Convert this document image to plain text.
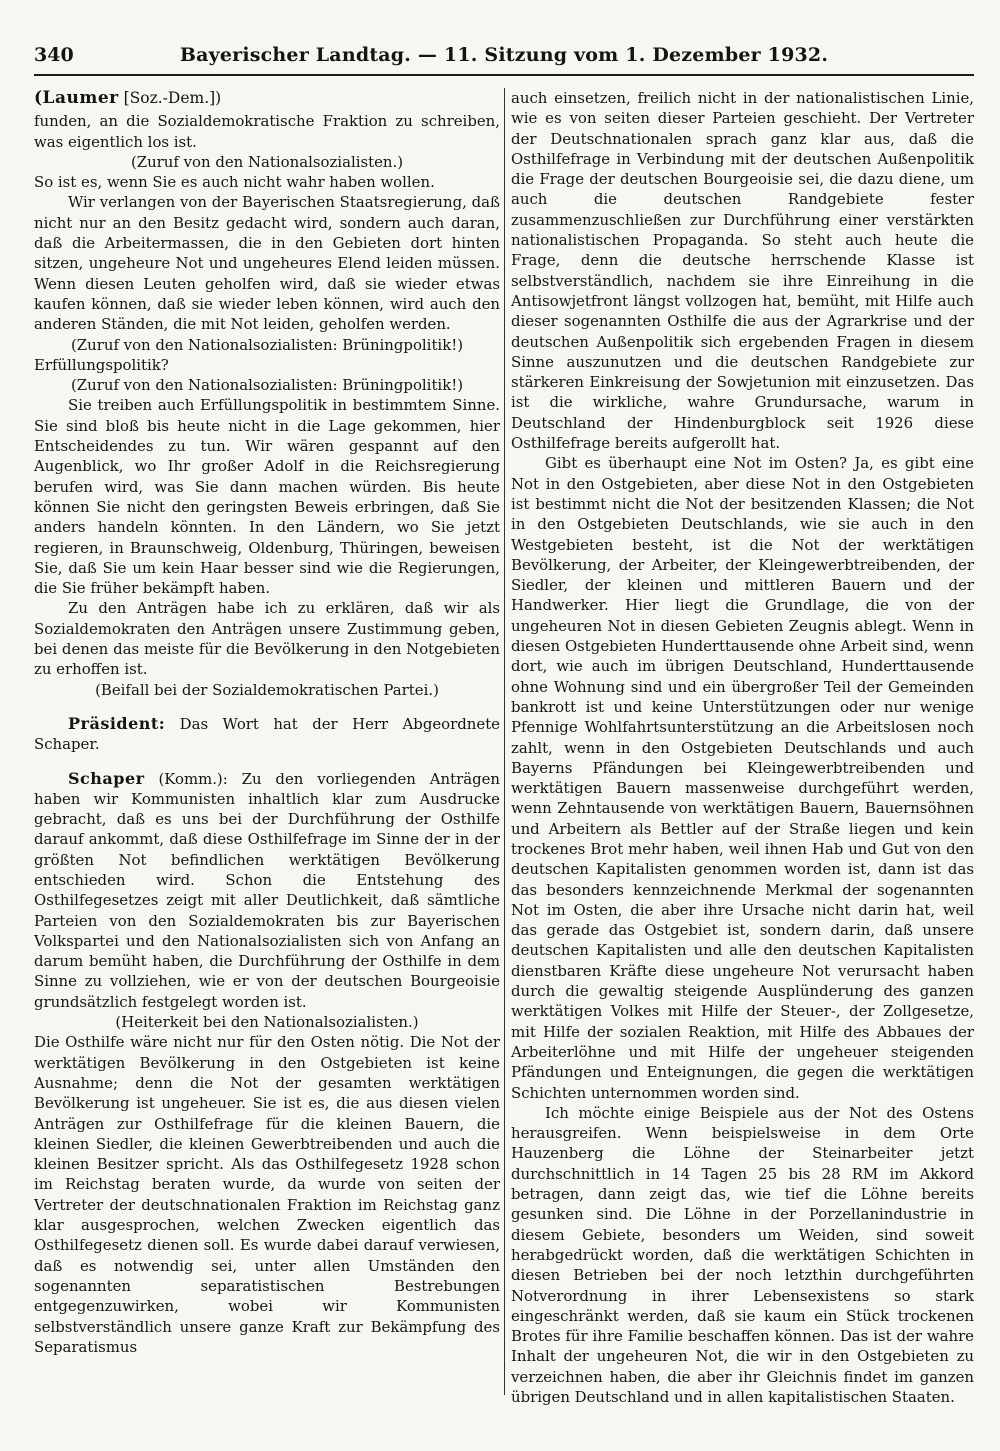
340	Bayerischer Landtag. — 11. Sitzung vom 1. Dezember 1932.

(Laumer [Soz.-Dem.])

funden, an die Sozialdemokratische Fraktion zu schreiben, was eigentlich los ist.

(Zuruf von den Nationalsozialisten.)

So ist es, wenn Sie es auch nicht wahr haben wollen.

Wir verlangen von der Bayerischen Staatsregierung, daß nicht nur an den Besitz gedacht wird, sondern auch daran, daß die Arbeitermassen, die in den Gebieten dort hinten sitzen, ungeheure Not und ungeheures Elend leiden müssen. Wenn diesen Leuten geholfen wird, daß sie wieder etwas kaufen können, daß sie wieder leben können, wird auch den anderen Ständen, die mit Not leiden, geholfen werden.

(Zuruf von den Nationalsozialisten: Brüningpolitik!)

Erfüllungspolitik?

(Zuruf von den Nationalsozialisten: Brüningpolitik!)

Sie treiben auch Erfüllungspolitik in bestimmtem Sinne. Sie sind bloß bis heute nicht in die Lage gekommen, hier Entscheidendes zu tun. Wir wären gespannt auf den Augenblick, wo Ihr großer Adolf in die Reichsregierung berufen wird, was Sie dann machen würden. Bis heute können Sie nicht den geringsten Beweis erbringen, daß Sie anders handeln könnten. In den Ländern, wo Sie jetzt regieren, in Braunschweig, Oldenburg, Thüringen, beweisen Sie, daß Sie um kein Haar besser sind wie die Regierungen, die Sie früher bekämpft haben.

Zu den Anträgen habe ich zu erklären, daß wir als Sozialdemokraten den Anträgen unsere Zustimmung geben, bei denen das meiste für die Bevölkerung in den Notgebieten zu erhoffen ist.

(Beifall bei der Sozialdemokratischen Partei.)

Präsident: Das Wort hat der Herr Abgeordnete Schaper.

Schaper (Komm.): Zu den vorliegenden Anträgen haben wir Kommunisten inhaltlich klar zum Ausdrucke gebracht, daß es uns bei der Durchführung der Osthilfe darauf ankommt, daß diese Osthilfefrage im Sinne der in der größten Not befindlichen werktätigen Bevölkerung entschieden wird. Schon die Entstehung des Osthilfegesetzes zeigt mit aller Deutlichkeit, daß sämtliche Parteien von den Sozialdemokraten bis zur Bayerischen Volkspartei und den Nationalsozialisten sich von Anfang an darum bemüht haben, die Durchführung der Osthilfe in dem Sinne zu vollziehen, wie er von der deutschen Bourgeoisie grundsätzlich festgelegt worden ist.

(Heiterkeit bei den Nationalsozialisten.)

Die Osthilfe wäre nicht nur für den Osten nötig. Die Not der werktätigen Bevölkerung in den Ostgebieten ist keine Ausnahme; denn die Not der gesamten werktätigen Bevölkerung ist ungeheuer. Sie ist es, die aus diesen vielen Anträgen zur Osthilfefrage für die kleinen Bauern, die kleinen Siedler, die kleinen Gewerbtreibenden und auch die kleinen Besitzer spricht. Als das Osthilfegesetz 1928 schon im Reichstag beraten wurde, da wurde von seiten der Vertreter der deutschnationalen Fraktion im Reichstag ganz klar ausgesprochen, welchen Zwecken eigentlich das Osthilfegesetz dienen soll. Es wurde dabei darauf verwiesen, daß es notwendig sei, unter allen Umständen den sogenannten separatistischen Bestrebungen entgegenzuwirken, wobei wir Kommunisten selbstverständlich unsere ganze Kraft zur Bekämpfung des Separatismus

auch einsetzen, freilich nicht in der nationalistischen Linie, wie es von seiten dieser Parteien geschieht. Der Vertreter der Deutschnationalen sprach ganz klar aus, daß die Osthilfefrage in Verbindung mit der deutschen Außenpolitik die Frage der deutschen Bourgeoisie sei, die dazu diene, um auch die deutschen Randgebiete fester zusammenzuschließen zur Durchführung einer verstärkten nationalistischen Propaganda. So steht auch heute die Frage, denn die deutsche herrschende Klasse ist selbstverständlich, nachdem sie ihre Einreihung in die Antisowjetfront längst vollzogen hat, bemüht, mit Hilfe auch dieser sogenannten Osthilfe die aus der Agrarkrise und der deutschen Außenpolitik sich ergebenden Fragen in diesem Sinne auszunutzen und die deutschen Randgebiete zur stärkeren Einkreisung der Sowjetunion mit einzusetzen. Das ist die wirkliche, wahre Grundursache, warum in Deutschland der Hindenburgblock seit 1926 diese Osthilfefrage bereits aufgerollt hat.

Gibt es überhaupt eine Not im Osten? Ja, es gibt eine Not in den Ostgebieten, aber diese Not in den Ostgebieten ist bestimmt nicht die Not der besitzenden Klassen; die Not in den Ostgebieten Deutschlands, wie sie auch in den Westgebieten besteht, ist die Not der werktätigen Bevölkerung, der Arbeiter, der Kleingewerbtreibenden, der Siedler, der kleinen und mittleren Bauern und der Handwerker. Hier liegt die Grundlage, die von der ungeheuren Not in diesen Gebieten Zeugnis ablegt. Wenn in diesen Ostgebieten Hunderttausende ohne Arbeit sind, wenn dort, wie auch im übrigen Deutschland, Hunderttausende ohne Wohnung sind und ein übergroßer Teil der Gemeinden bankrott ist und keine Unterstützungen oder nur wenige Pfennige Wohlfahrtsunterstützung an die Arbeitslosen noch zahlt, wenn in den Ostgebieten Deutschlands und auch Bayerns Pfändungen bei Kleingewerbtreibenden und werktätigen Bauern massenweise durchgeführt werden, wenn Zehntausende von werktätigen Bauern, Bauernsöhnen und Arbeitern als Bettler auf der Straße liegen und kein trockenes Brot mehr haben, weil ihnen Hab und Gut von den deutschen Kapitalisten genommen worden ist, dann ist das das besonders kennzeichnende Merkmal der sogenannten Not im Osten, die aber ihre Ursache nicht darin hat, weil das gerade das Ostgebiet ist, sondern darin, daß unsere deutschen Kapitalisten und alle den deutschen Kapitalisten dienstbaren Kräfte diese ungeheure Not verursacht haben durch die gewaltig steigende Ausplünderung des ganzen werktätigen Volkes mit Hilfe der Steuer-, der Zollgesetze, mit Hilfe der sozialen Reaktion, mit Hilfe des Abbaues der Arbeiterlöhne und mit Hilfe der ungeheuer steigenden Pfändungen und Enteignungen, die gegen die werktätigen Schichten unternommen worden sind.

Ich möchte einige Beispiele aus der Not des Ostens herausgreifen. Wenn beispielsweise in dem Orte Hauzenberg die Löhne der Steinarbeiter jetzt durchschnittlich in 14 Tagen 25 bis 28 RM im Akkord betragen, dann zeigt das, wie tief die Löhne bereits gesunken sind. Die Löhne in der Porzellanindustrie in diesem Gebiete, besonders um Weiden, sind soweit herabgedrückt worden, daß die werktätigen Schichten in diesen Betrieben bei der noch letzthin durchgeführten Notverordnung in ihrer Lebensexistens so stark eingeschränkt werden, daß sie kaum ein Stück trockenen Brotes für ihre Familie beschaffen können. Das ist der wahre Inhalt der ungeheuren Not, die wir in den Ostgebieten zu verzeichnen haben, die aber ihr Gleichnis findet im ganzen übrigen Deutschland und in allen kapitalistischen Staaten.
